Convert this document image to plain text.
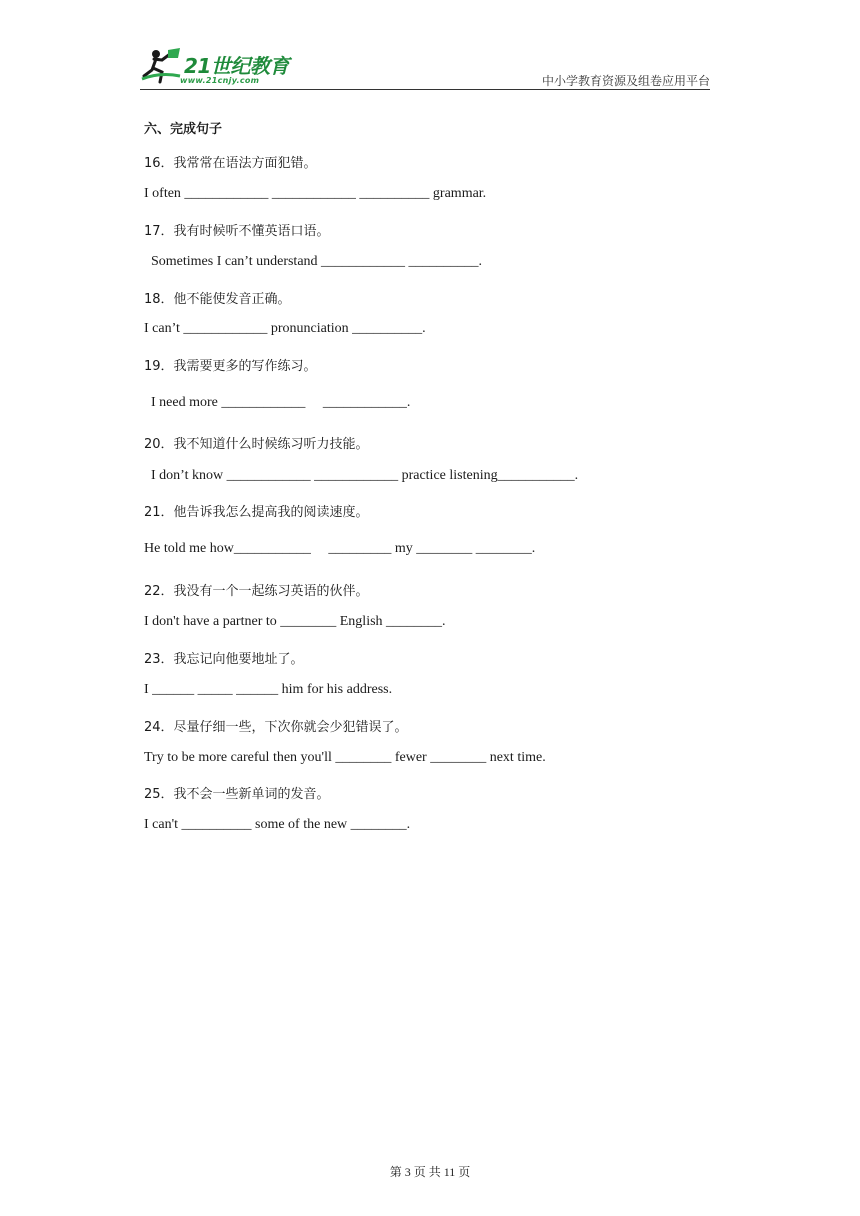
21世纪教育
www.21cnjy.com	中小学教育资源及组卷应用平台
六、完成句子
16．我常常在语法方面犯错。
I often ____________ ____________ __________ grammar.
17．我有时候听不懂英语口语。
Sometimes I can’t understand ____________ __________.
18．他不能使发音正确。
I can’t ____________ pronunciation __________.
19．我需要更多的写作练习。
I need more ____________     ____________.
20．我不知道什么时候练习听力技能。
I don’t know ____________ ____________ practice listening___________.
21．他告诉我怎么提高我的阅读速度。
He told me how___________     _________ my ________ ________.
22．我没有一个一起练习英语的伙伴。
I don't have a partner to ________ English ________.
23．我忘记向他要地址了。
I ______ _____ ______ him for his address.
24．尽量仔细一些，下次你就会少犯错误了。
Try to be more careful then you'll ________ fewer ________ next time.
25．我不会一些新单词的发音。
I can't __________ some of the new ________.
第 3 页 共 11 页
